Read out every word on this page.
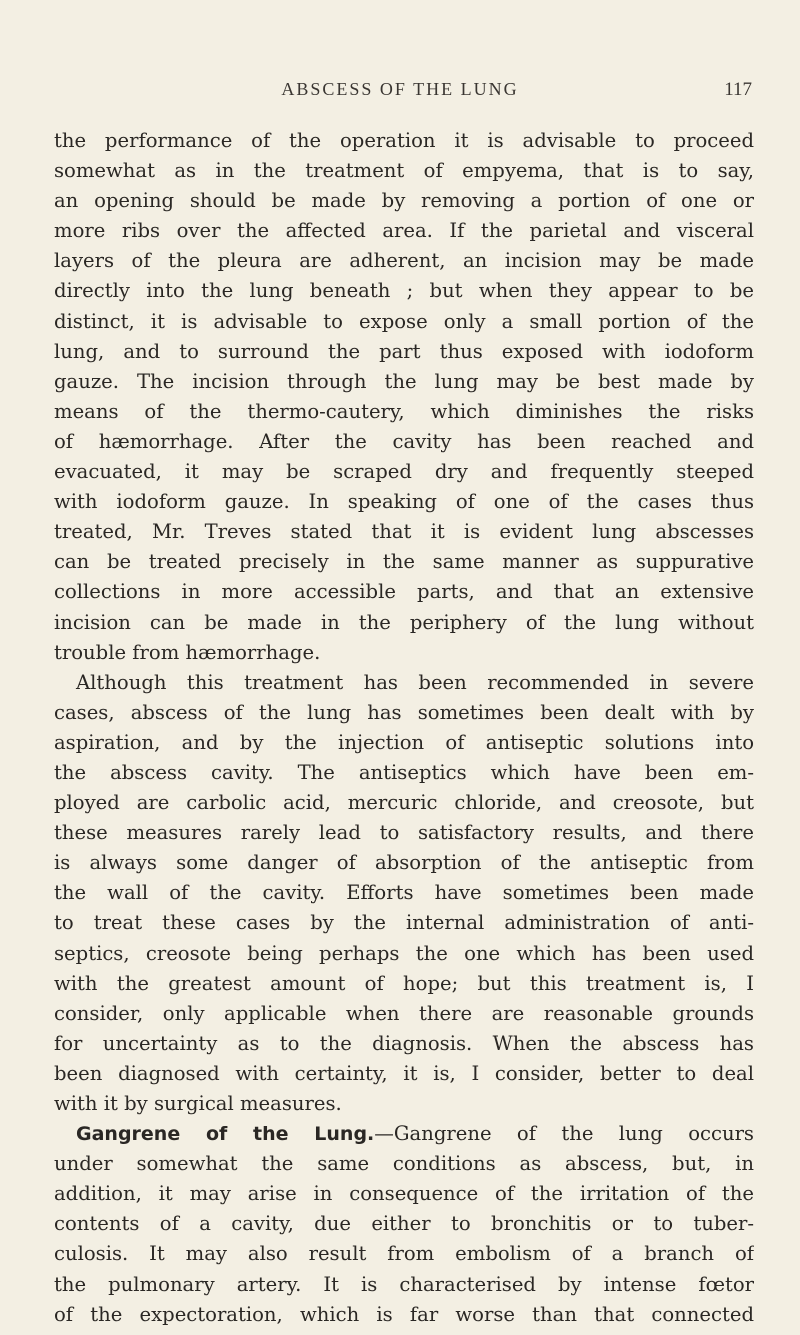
ABSCESS OF THE LUNG	117
the performance of the operation it is advisable to proceed
somewhat as in the treatment of empyema, that is to say,
an opening should be made by removing a portion of one or
more ribs over the affected area. If the parietal and visceral
layers of the pleura are adherent, an incision may be made
directly into the lung beneath ; but when they appear to be
distinct, it is advisable to expose only a small portion of the
lung, and to surround the part thus exposed with iodoform
gauze. The incision through the lung may be best made by
means of the thermo-cautery, which diminishes the risks
of hæmorrhage. After the cavity has been reached and
evacuated, it may be scraped dry and frequently steeped
with iodoform gauze. In speaking of one of the cases thus
treated, Mr. Treves stated that it is evident lung abscesses
can be treated precisely in the same manner as suppurative
collections in more accessible parts, and that an extensive
incision can be made in the periphery of the lung without
trouble from hæmorrhage.
Although this treatment has been recommended in severe
cases, abscess of the lung has sometimes been dealt with by
aspiration, and by the injection of antiseptic solutions into
the abscess cavity. The antiseptics which have been em-
ployed are carbolic acid, mercuric chloride, and creosote, but
these measures rarely lead to satisfactory results, and there
is always some danger of absorption of the antiseptic from
the wall of the cavity. Efforts have sometimes been made
to treat these cases by the internal administration of anti-
septics, creosote being perhaps the one which has been used
with the greatest amount of hope; but this treatment is, I
consider, only applicable when there are reasonable grounds
for uncertainty as to the diagnosis. When the abscess has
been diagnosed with certainty, it is, I consider, better to deal
with it by surgical measures.
Gangrene of the Lung.—Gangrene of the lung occurs
under somewhat the same conditions as abscess, but, in
addition, it may arise in consequence of the irritation of the
contents of a cavity, due either to bronchitis or to tuber-
culosis. It may also result from embolism of a branch of
the pulmonary artery. It is characterised by intense fœtor
of the expectoration, which is far worse than that connected
